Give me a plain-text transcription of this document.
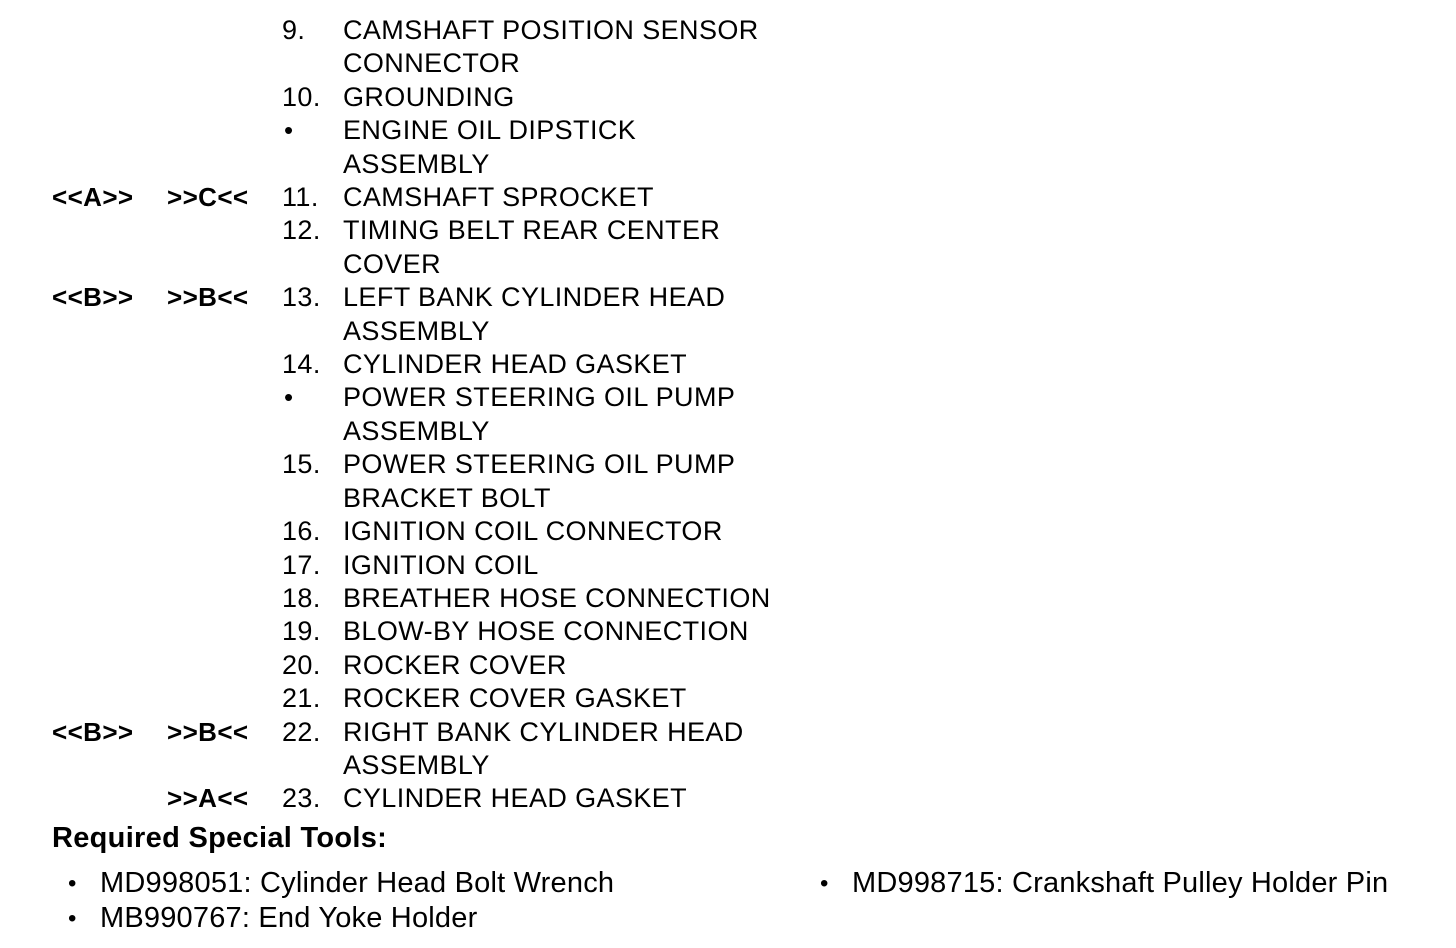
9. CAMSHAFT POSITION SENSOR
CONNECTOR
10. GROUNDING
• ENGINE OIL DIPSTICK
ASSEMBLY
<<A>> >>C<< 11. CAMSHAFT SPROCKET
12. TIMING BELT REAR CENTER
COVER
<<B>> >>B<< 13. LEFT BANK CYLINDER HEAD
ASSEMBLY
14. CYLINDER HEAD GASKET
• POWER STEERING OIL PUMP
ASSEMBLY
15. POWER STEERING OIL PUMP
BRACKET BOLT
16. IGNITION COIL CONNECTOR
17. IGNITION COIL
18. BREATHER HOSE CONNECTION
19. BLOW-BY HOSE CONNECTION
20. ROCKER COVER
21. ROCKER COVER GASKET
<<B>> >>B<< 22. RIGHT BANK CYLINDER HEAD
ASSEMBLY
>>A<< 23. CYLINDER HEAD GASKET
Required Special Tools:
• MD998051: Cylinder Head Bolt Wrench
• MB990767: End Yoke Holder
• MD998715: Crankshaft Pulley Holder Pin
